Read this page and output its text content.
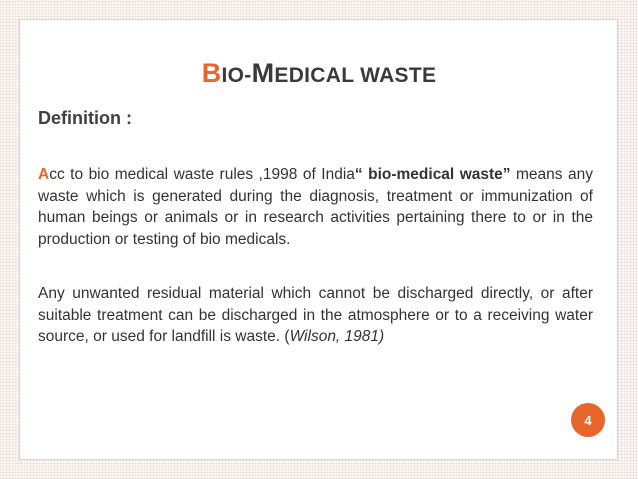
BIO-MEDICAL WASTE
Definition :
Acc to bio medical waste rules ,1998 of India“ bio-medical waste” means any waste which is generated during the diagnosis, treatment or immunization of human beings or animals or in research activities pertaining there to or in the production or testing of bio medicals.
Any unwanted residual material which cannot be discharged directly, or after suitable treatment can be discharged in the atmosphere or to a receiving water source, or used for landfill is waste. (Wilson, 1981)
4
